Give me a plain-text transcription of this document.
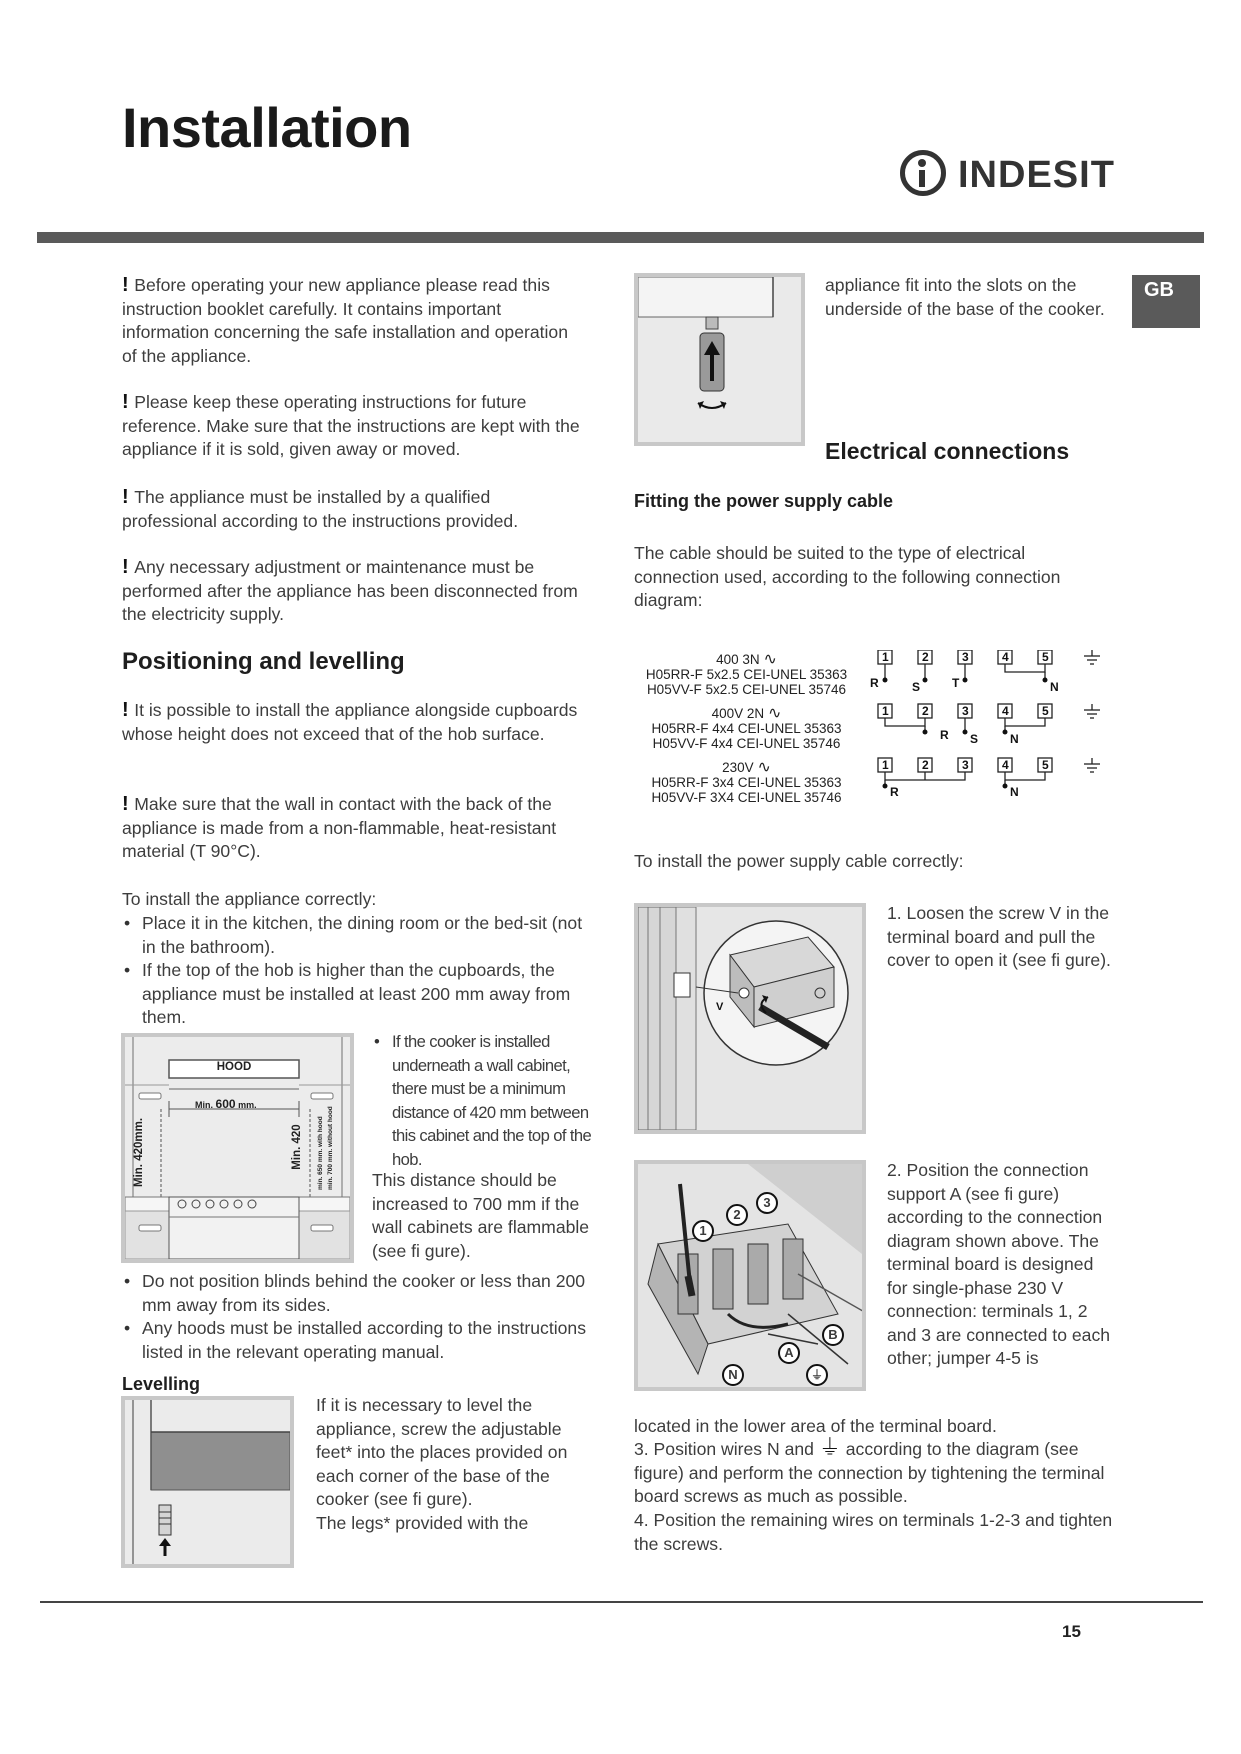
Installation
INDESIT
GB

! Before operating your new appliance please read this instruction booklet carefully. It contains important information concerning the safe installation and operation of the appliance.

! Please keep these operating instructions for future reference. Make sure that the instructions are kept with the appliance if it is sold, given away or moved.

! The appliance must be installed by a qualified professional according to the instructions provided.

! Any necessary adjustment or maintenance must be performed after the appliance has been disconnected from the electricity supply.

Positioning and levelling

! It is possible to install the appliance alongside cupboards whose height does not exceed that of the hob surface.

! Make sure that the wall in contact with the back of the appliance is made from a non-flammable, heat-resistant material (T 90°C).

To install the appliance correctly:

• Place it in the kitchen, the dining room or the bed-sit (not in the bathroom).
• If the top of the hob is higher than the cupboards, the appliance must be installed at least 200 mm away from them.
HOOD
Min. 600 mm.
Min. 420mm.	Min. 420
min. 650 mm. with hood
min. 700 mm. without hood
• If the cooker is installed underneath a wall cabinet, there must be a minimum distance of 420 mm between this cabinet and the top of the hob.

This distance should be increased to 700 mm if the wall cabinets are flammable (see fi gure).

• Do not position blinds behind the cooker or less than 200 mm away from its sides.
• Any hoods must be installed according to the instructions listed in the relevant operating manual.
Levelling

If it is necessary to level the appliance, screw the adjustable feet* into the places provided on each corner of the base of the cooker (see fi gure).

The legs* provided with the

appliance fit into the slots on the underside of the base of the cooker.

Electrical connections
Fitting the power supply cable

The cable should be suited to the type of electrical connection used, according to the following connection diagram:

400 3N ∿
H05RR-F 5x2.5 CEI-UNEL 35363
H05VV-F 5x2.5 CEI-UNEL 35746
400V 2N ∿
H05RR-F 4x4 CEI-UNEL 35363
H05VV-F 4x4 CEI-UNEL 35746
230V ∿
H05RR-F 3x4 CEI-UNEL 35363
H05VV-F 3X4 CEI-UNEL 35746
1	2	3	4	5
1	2	3	4	5
1	2	3	4	5
R	S	T	N
R S	N
R	N

To install the power supply cable correctly:

V

1. Loosen the screw V in the terminal board and pull the cover to open it (see fi gure).

1
2
3
B
A
N	⏚

2. Position the connection support A (see fi gure) according to the connection diagram shown above. The terminal board is designed for single-phase 230 V connection: terminals 1, 2 and 3 are connected to each other; jumper 4-5 is

located in the lower area of the terminal board.

3. Position wires N and ⏚ according to the diagram (see figure) and perform the connection by tightening the terminal board screws as much as possible.

4. Position the remaining wires on terminals 1-2-3 and tighten the screws.

15
